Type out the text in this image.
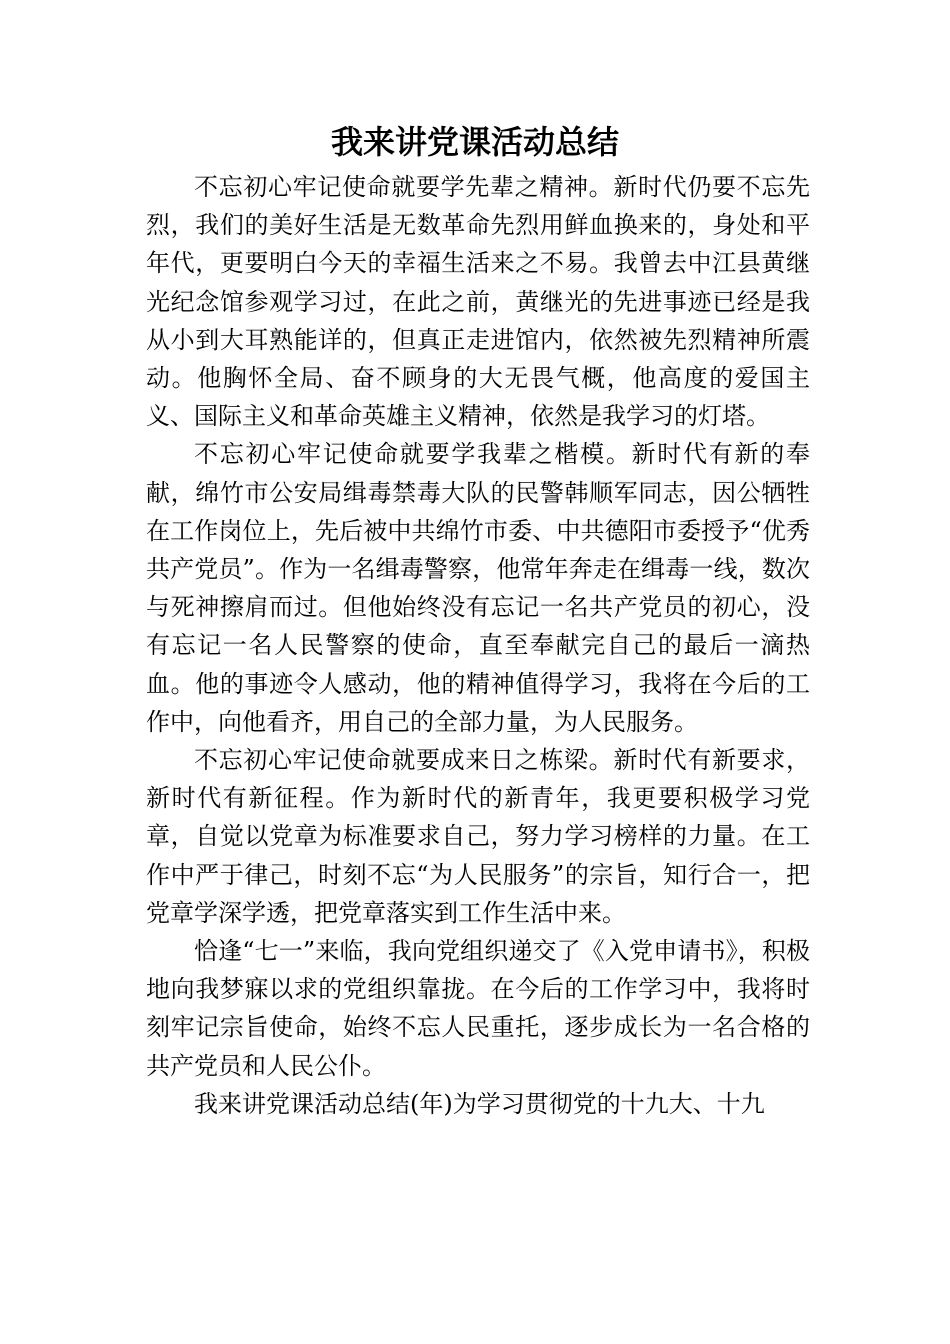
我来讲党课活动总结

不忘初心牢记使命就要学先辈之精神。新时代仍要不忘先烈，我们的美好生活是无数革命先烈用鲜血换来的，身处和平年代，更要明白今天的幸福生活来之不易。我曾去中江县黄继光纪念馆参观学习过，在此之前，黄继光的先进事迹已经是我从小到大耳熟能详的，但真正走进馆内，依然被先烈精神所震动。他胸怀全局、奋不顾身的大无畏气概，他高度的爱国主义、国际主义和革命英雄主义精神，依然是我学习的灯塔。

不忘初心牢记使命就要学我辈之楷模。新时代有新的奉献，绵竹市公安局缉毒禁毒大队的民警韩顺军同志，因公牺牲在工作岗位上，先后被中共绵竹市委、中共德阳市委授予“优秀共产党员”。作为一名缉毒警察，他常年奔走在缉毒一线，数次与死神擦肩而过。但他始终没有忘记一名共产党员的初心，没有忘记一名人民警察的使命，直至奉献完自己的最后一滴热血。他的事迹令人感动，他的精神值得学习，我将在今后的工作中，向他看齐，用自己的全部力量，为人民服务。

不忘初心牢记使命就要成来日之栋梁。新时代有新要求，新时代有新征程。作为新时代的新青年，我更要积极学习党章，自觉以党章为标准要求自己，努力学习榜样的力量。在工作中严于律己，时刻不忘“为人民服务”的宗旨，知行合一，把党章学深学透，把党章落实到工作生活中来。

恰逢“七一”来临，我向党组织递交了《入党申请书》，积极地向我梦寐以求的党组织靠拢。在今后的工作学习中，我将时刻牢记宗旨使命，始终不忘人民重托，逐步成长为一名合格的共产党员和人民公仆。

我来讲党课活动总结(年)为学习贯彻党的十九大、十九
